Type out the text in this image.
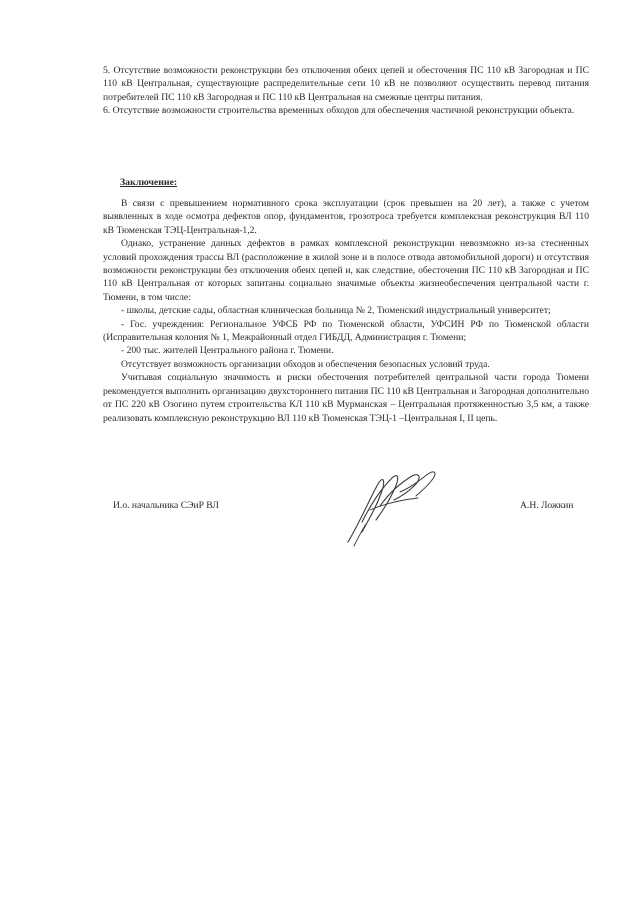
5. Отсутствие возможности реконструкции без отключения обеих цепей и обесточения ПС 110 кВ Загородная и ПС 110 кВ Центральная, существующие распределительные сети 10 кВ не позволяют осуществить перевод питания потребителей ПС 110 кВ Загородная и ПС 110 кВ Центральная на смежные центры питания.

6. Отсутствие возможности строительства временных обходов для обеспечения частичной реконструкции объекта.

Заключение:

В связи с превышением нормативного срока эксплуатации (срок превышен на 20 лет), а также с учетом выявленных в ходе осмотра дефектов опор, фундаментов, грозотроса требуется комплексная реконструкция ВЛ 110 кВ Тюменская ТЭЦ-Центральная-1,2.

Однако, устранение данных дефектов в рамках комплексной реконструкции невозможно из-за стесненных условий прохождения трассы ВЛ (расположение в жилой зоне и в полосе отвода автомобильной дороги) и отсутствия возможности реконструкции без отключения обеих цепей и, как следствие, обесточения ПС 110 кВ Загородная и ПС 110 кВ Центральная от которых запитаны социально значимые объекты жизнеобеспечения центральной части г. Тюмени, в том числе:

- школы, детские сады, областная клиническая больница № 2, Тюменский индустриальный университет;

- Гос. учреждения: Региональное УФСБ РФ по Тюменской области, УФСИН РФ по Тюменской области (Исправительная колония № 1, Межрайонный отдел ГИБДД, Администрация г. Тюмени;

- 200 тыс. жителей Центрального района г. Тюмени.

Отсутствует возможность организации обходов и обеспечения безопасных условий труда.

Учитывая социальную значимость и риски обесточения потребителей центральной части города Тюмени рекомендуется выполнить организацию двухстороннего питания ПС 110 кВ Центральная и Загородная дополнительно от ПС 220 кВ Озогино путем строительства КЛ 110 кВ Мурманская – Центральная протяженностью 3,5 км, а также реализовать комплексную реконструкцию ВЛ 110 кВ Тюменская ТЭЦ-1 –Центральная I, II цепь.

И.о. начальника СЭиР ВЛ	А.Н. Ложкин
